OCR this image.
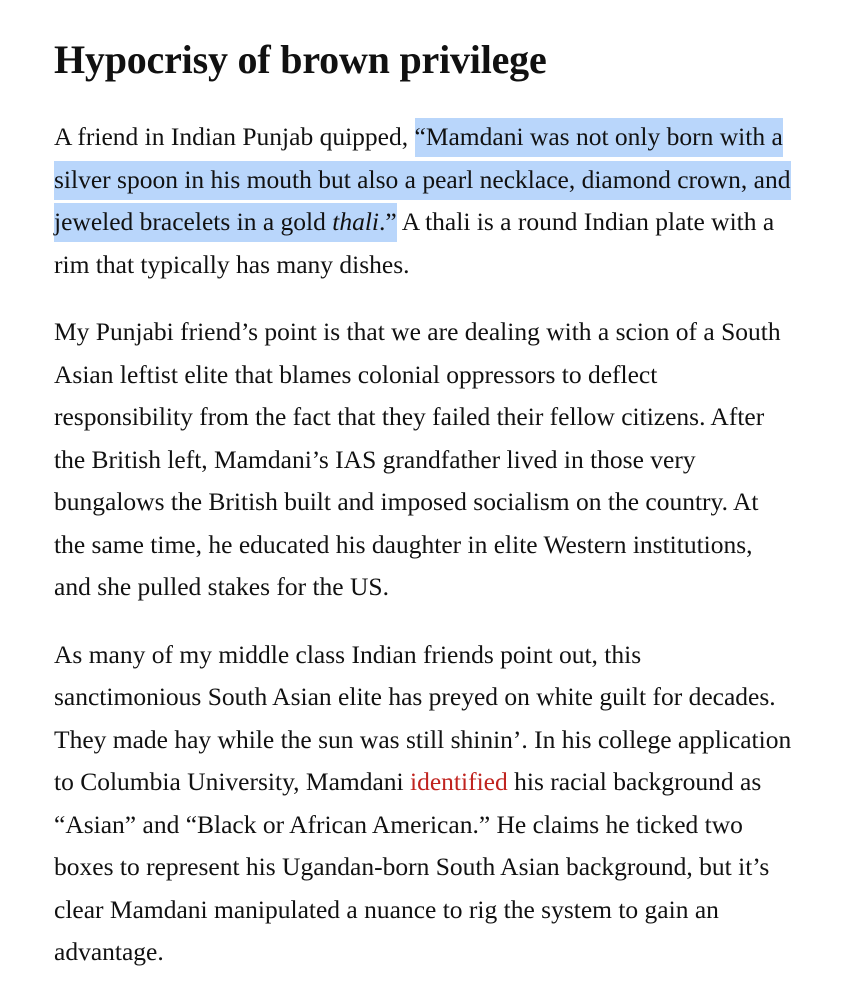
Hypocrisy of brown privilege

A friend in Indian Punjab quipped, “Mamdani was not only born with a silver spoon in his mouth but also a pearl necklace, diamond crown, and jeweled bracelets in a gold thali.” A thali is a round Indian plate with a rim that typically has many dishes.

My Punjabi friend’s point is that we are dealing with a scion of a South Asian leftist elite that blames colonial oppressors to deflect responsibility from the fact that they failed their fellow citizens. After the British left, Mamdani’s IAS grandfather lived in those very bungalows the British built and imposed socialism on the country. At the same time, he educated his daughter in elite Western institutions, and she pulled stakes for the US.

As many of my middle class Indian friends point out, this sanctimonious South Asian elite has preyed on white guilt for decades. They made hay while the sun was still shinin’. In his college application to Columbia University, Mamdani identified his racial background as “Asian” and “Black or African American.” He claims he ticked two boxes to represent his Ugandan-born South Asian background, but it’s clear Mamdani manipulated a nuance to rig the system to gain an advantage.
